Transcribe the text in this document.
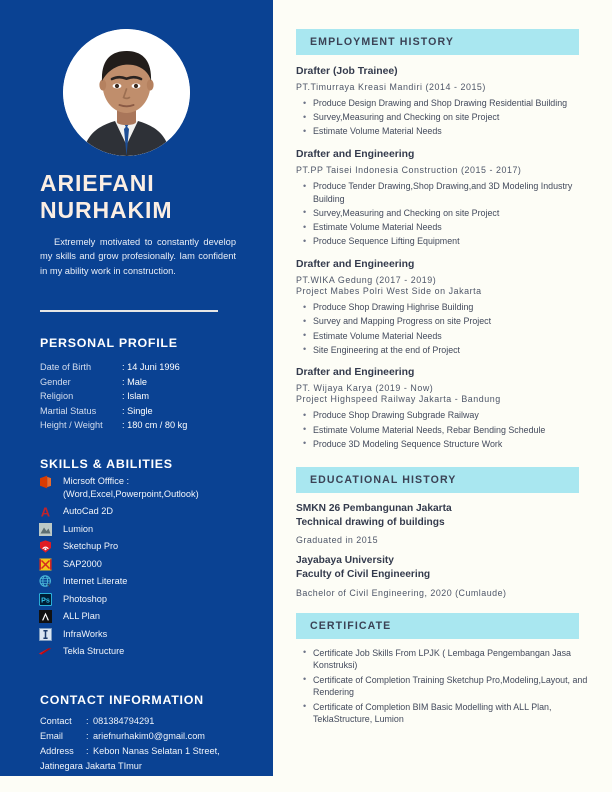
ARIEFANI
NURHAKIM
Extremely motivated to constantly develop my skills and grow profesionally. Iam confident in my ability work in construction.
PERSONAL PROFILE
Date of Birth	: 14 Juni 1996
Gender	: Male
Religion	: Islam
Martial Status	: Single
Height / Weight	: 180 cm / 80 kg
SKILLS & ABILITIES
Micrsoft Offfice :
(Word,Excel,Powerpoint,Outlook)
A	AutoCad 2D
Lumion
Sketchup Pro
SAP2000
Internet Literate
Ps	Photoshop
ALL Plan
InfraWorks
Tekla Structure
CONTACT INFORMATION
Contact	:	081384794291
Email	:	ariefnurhakim0@gmail.com
Address	:	Kebon Nanas Selatan 1 Street,
Jatinegara Jakarta TImur		
EMPLOYMENT HISTORY
Drafter (Job Trainee)
PT.Timurraya Kreasi Mandiri (2014 - 2015)
• Produce Design Drawing and Shop Drawing Residential Building
• Survey,Measuring and Checking on site Project
• Estimate Volume Material Needs
Drafter and Engineering
PT.PP Taisei Indonesia Construction (2015 - 2017)
• Produce Tender Drawing,Shop Drawing,and 3D Modeling Industry Building
• Survey,Measuring and Checking on site Project
• Estimate Volume Material Needs
• Produce Sequence Lifting Equipment
Drafter and Engineering
PT.WIKA Gedung (2017 - 2019)
Project Mabes Polri West Side on Jakarta
• Produce Shop Drawing Highrise Building
• Survey and Mapping Progress on site Project
• Estimate Volume Material Needs
• Site Engineering at the end of Project
Drafter and Engineering
PT. Wijaya Karya (2019 - Now)
Project Highspeed Railway Jakarta - Bandung
• Produce Shop Drawing Subgrade Railway
• Estimate Volume Material Needs, Rebar Bending Schedule
• Produce 3D Modeling Sequence Structure Work
EDUCATIONAL HISTORY
SMKN 26 Pembangunan Jakarta
Technical drawing of buildings
Graduated in 2015
Jayabaya University
Faculty of Civil Engineering
Bachelor of Civil Engineering, 2020 (Cumlaude)
CERTIFICATE
• Certificate Job Skills From LPJK ( Lembaga Pengembangan Jasa Konstruksi)
• Certificate of Completion Training Sketchup Pro,Modeling,Layout, and Rendering
• Certificate of Completion BIM Basic Modelling with ALL Plan, TeklaStructure, Lumion
